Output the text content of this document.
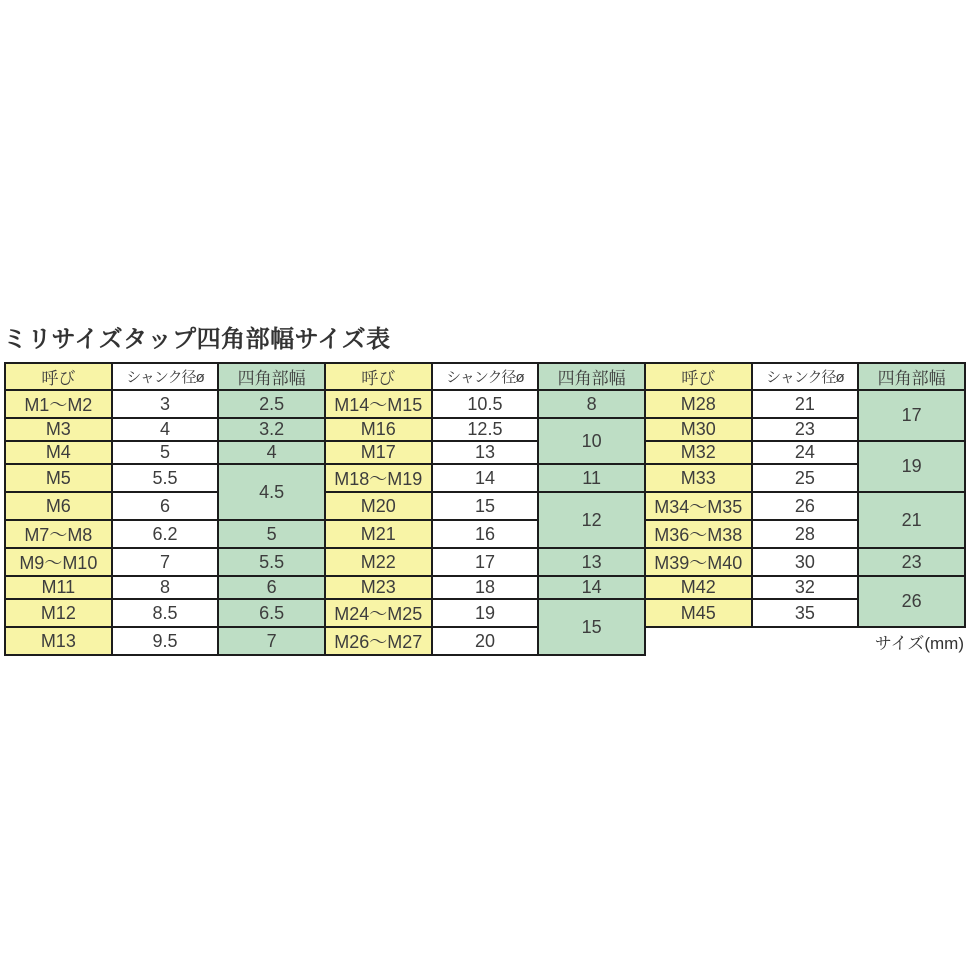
ミリサイズタップ四角部幅サイズ表
呼び	シャンク径ø	四角部幅	呼び	シャンク径ø	四角部幅	呼び	シャンク径ø	四角部幅
M1～M2	3	2.5	M14～M15	10.5	8	M28	21	17
M3	4	3.2	M16	12.5	10	M30	23	
M4	5	4	M17	13		M32	24	19
M5	5.5	4.5	M18～M19	14	11	M33	25	
M6	6		M20	15	12	M34～M35	26	21
M7～M8	6.2	5	M21	16		M36～M38	28	
M9～M10	7	5.5	M22	17	13	M39～M40	30	23
M11	8	6	M23	18	14	M42	32	26
M12	8.5	6.5	M24～M25	19	15	M45	35	
M13	9.5	7	M26～M27	20		サイズ(mm)		
